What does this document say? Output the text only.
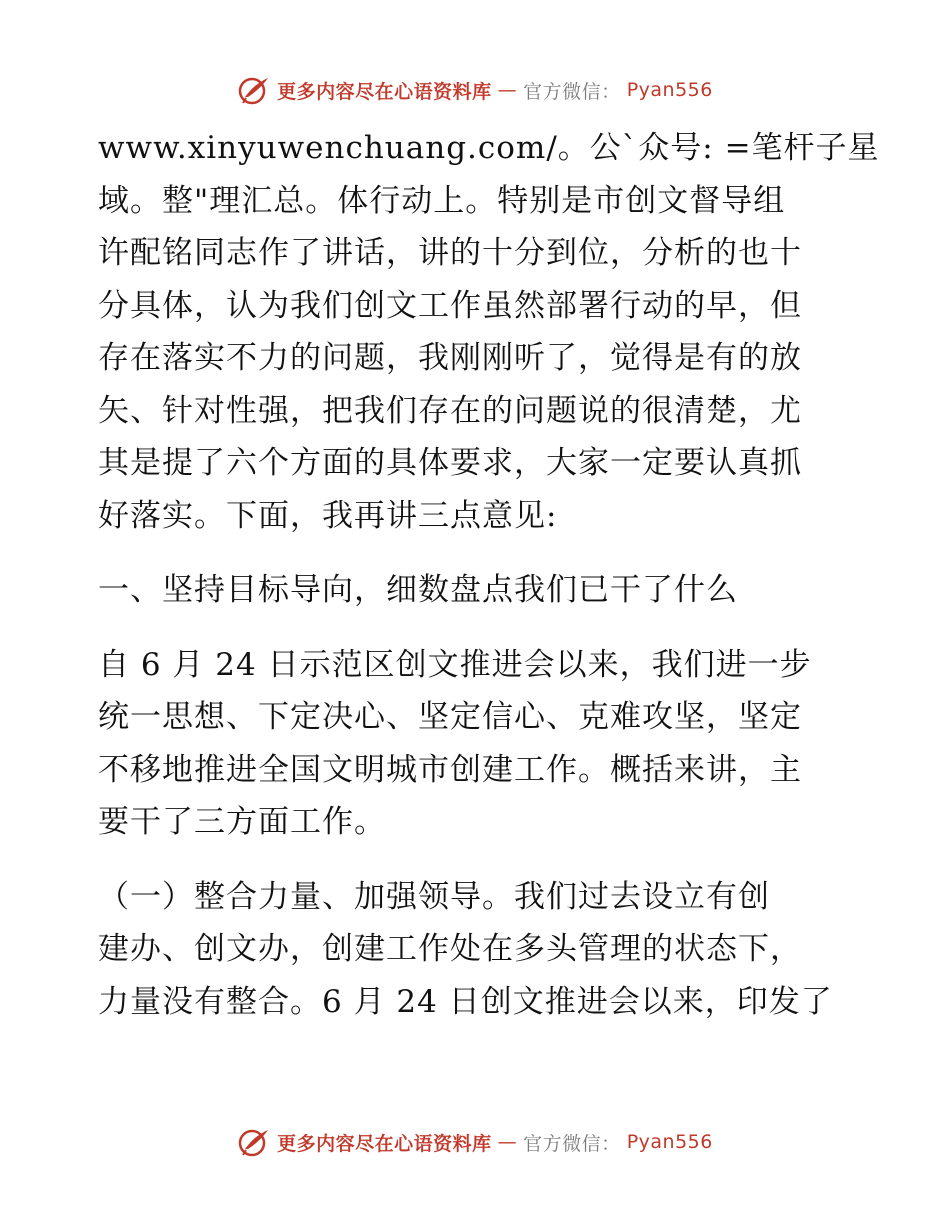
更多内容尽在心语资料库 — 官方微信： Pyan556
www.xinyuwenchuang.com/。公`众号: =笔杆子星
域。整"理汇总。体行动上。特别是市创文督导组
许配铭同志作了讲话，讲的十分到位，分析的也十
分具体，认为我们创文工作虽然部署行动的早，但
存在落实不力的问题，我刚刚听了，觉得是有的放
矢、针对性强，把我们存在的问题说的很清楚，尤
其是提了六个方面的具体要求，大家一定要认真抓
好落实。下面，我再讲三点意见:
一、坚持目标导向，细数盘点我们已干了什么
自 6 月 24 日示范区创文推进会以来，我们进一步
统一思想、下定决心、坚定信心、克难攻坚，坚定
不移地推进全国文明城市创建工作。概括来讲，主
要干了三方面工作。
（一）整合力量、加强领导。我们过去设立有创
建办、创文办，创建工作处在多头管理的状态下，
力量没有整合。6 月 24 日创文推进会以来，印发了
更多内容尽在心语资料库 — 官方微信： Pyan556
